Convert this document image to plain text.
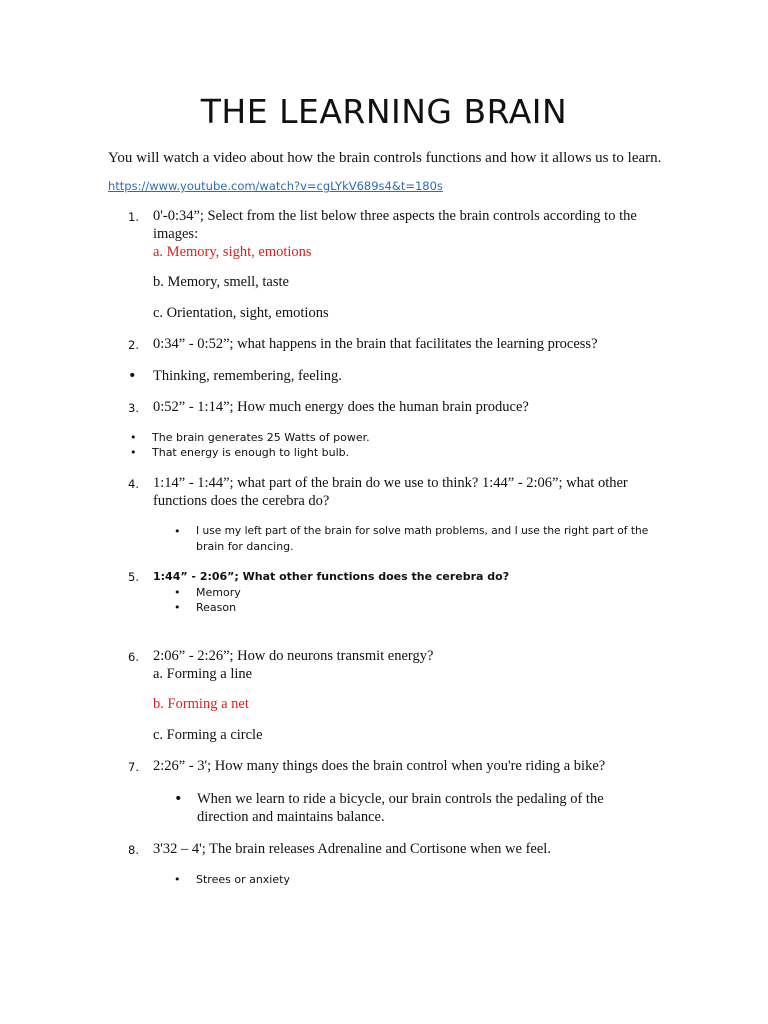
THE LEARNING BRAIN

You will watch a video about how the brain controls functions and how it allows us to learn.

https://www.youtube.com/watch?v=cgLYkV689s4&t=180s
1. 0'-0:34”; Select from the list below three aspects the brain controls according to the

images:

a. Memory, sight, emotions

b. Memory, smell, taste

c. Orientation, sight, emotions

2. 0:34” - 0:52”; what happens in the brain that facilitates the learning process?

• Thinking, remembering, feeling.

3. 0:52” - 1:14”; How much energy does the human brain produce?

• The brain generates 25 Watts of power.

• That energy is enough to light bulb.

4. 1:14” - 1:44”; what part of the brain do we use to think? 1:44” - 2:06”; what other

functions does the cerebra do?

• I use my left part of the brain for solve math problems, and I use the right part of the

brain for dancing.

5. 1:44” - 2:06”; What other functions does the cerebra do?

• Memory

• Reason

6. 2:06” - 2:26”; How do neurons transmit energy?

a. Forming a line

b. Forming a net

c. Forming a circle

7. 2:26” - 3'; How many things does the brain control when you're riding a bike?

• When we learn to ride a bicycle, our brain controls the pedaling of the

direction and maintains balance.

8. 3'32 – 4'; The brain releases Adrenaline and Cortisone when we feel.

• Strees or anxiety
